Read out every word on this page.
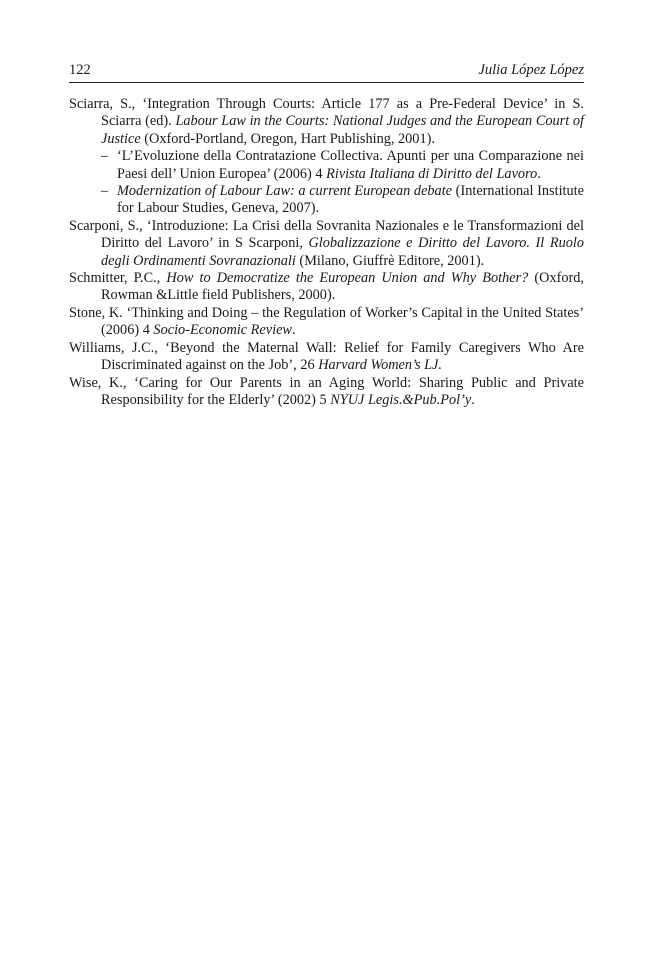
122	Julia López López
Sciarra, S., ‘Integration Through Courts: Article 177 as a Pre-Federal Device’ in S. Sciarra (ed). Labour Law in the Courts: National Judges and the European Court of Justice (Oxford-Portland, Oregon, Hart Publishing, 2001).
– ‘L’Evoluzione della Contratazione Collectiva. Apunti per una Comparazione nei Paesi dell’ Union Europea’ (2006) 4 Rivista Italiana di Diritto del Lavoro.
– Modernization of Labour Law: a current European debate (International Institute for Labour Studies, Geneva, 2007).
Scarponi, S., ‘Introduzione: La Crisi della Sovranita Nazionales e le Transformazioni del Diritto del Lavoro’ in S Scarponi, Globalizzazione e Diritto del Lavoro. Il Ruolo degli Ordinamenti Sovranazionali (Milano, Giuffrè Editore, 2001).
Schmitter, P.C., How to Democratize the European Union and Why Bother? (Oxford, Rowman &Little field Publishers, 2000).
Stone, K. ‘Thinking and Doing – the Regulation of Worker’s Capital in the United States’ (2006) 4 Socio-Economic Review.
Williams, J.C., ‘Beyond the Maternal Wall: Relief for Family Caregivers Who Are Discriminated against on the Job’, 26 Harvard Women’s LJ.
Wise, K., ‘Caring for Our Parents in an Aging World: Sharing Public and Private Responsibility for the Elderly’ (2002) 5 NYUJ Legis.&Pub.Pol’y.
